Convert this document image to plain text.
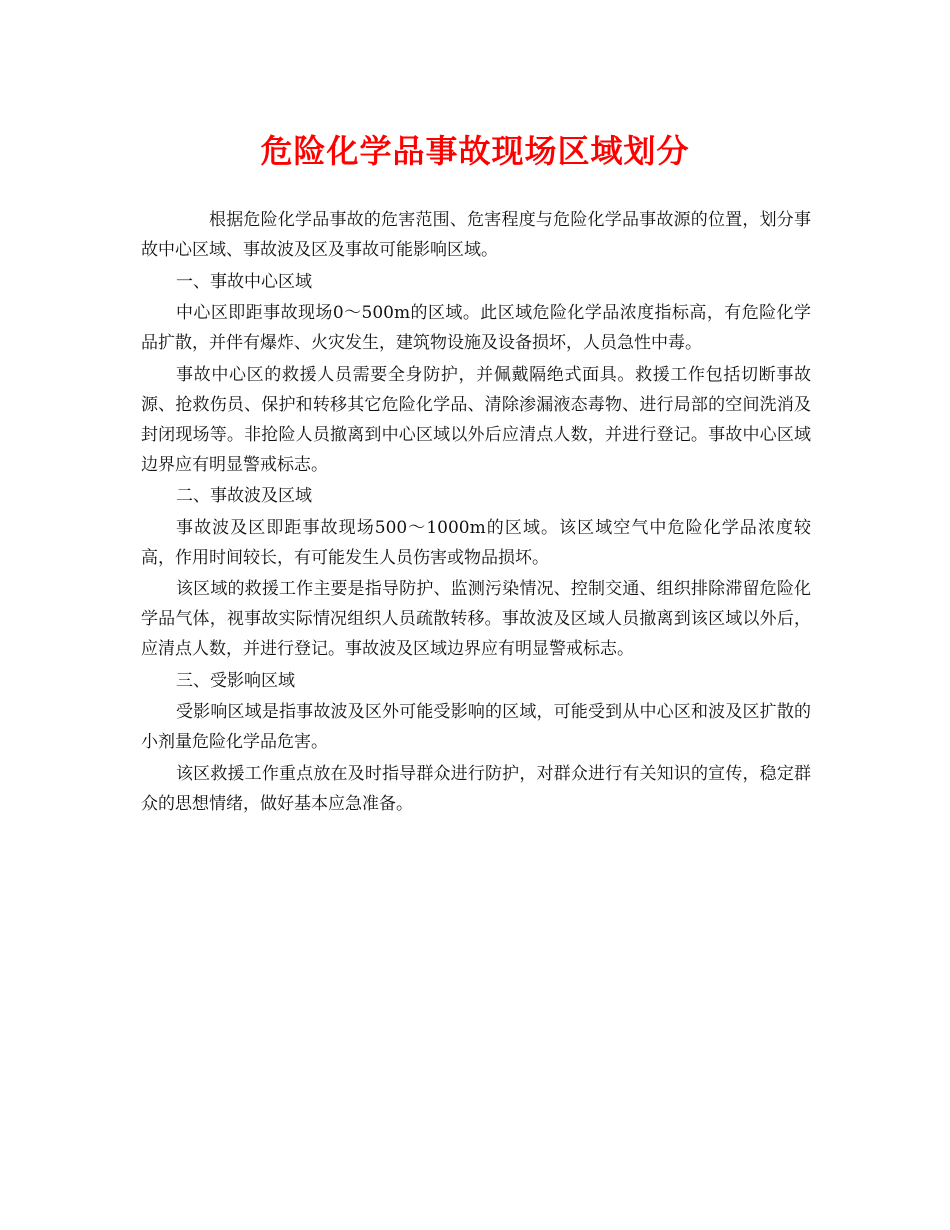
危险化学品事故现场区域划分

根据危险化学品事故的危害范围、危害程度与危险化学品事故源的位置，划分事故中心区域、事故波及区及事故可能影响区域。

一、事故中心区域

中心区即距事故现场0～500m的区域。此区域危险化学品浓度指标高，有危险化学品扩散，并伴有爆炸、火灾发生，建筑物设施及设备损坏，人员急性中毒。

事故中心区的救援人员需要全身防护，并佩戴隔绝式面具。救援工作包括切断事故源、抢救伤员、保护和转移其它危险化学品、清除渗漏液态毒物、进行局部的空间洗消及封闭现场等。非抢险人员撤离到中心区域以外后应清点人数，并进行登记。事故中心区域边界应有明显警戒标志。

二、事故波及区域

事故波及区即距事故现场500～1000m的区域。该区域空气中危险化学品浓度较高，作用时间较长，有可能发生人员伤害或物品损坏。

该区域的救援工作主要是指导防护、监测污染情况、控制交通、组织排除滞留危险化学品气体，视事故实际情况组织人员疏散转移。事故波及区域人员撤离到该区域以外后，应清点人数，并进行登记。事故波及区域边界应有明显警戒标志。

三、受影响区域

受影响区域是指事故波及区外可能受影响的区域，可能受到从中心区和波及区扩散的小剂量危险化学品危害。

该区救援工作重点放在及时指导群众进行防护，对群众进行有关知识的宣传，稳定群众的思想情绪，做好基本应急准备。
